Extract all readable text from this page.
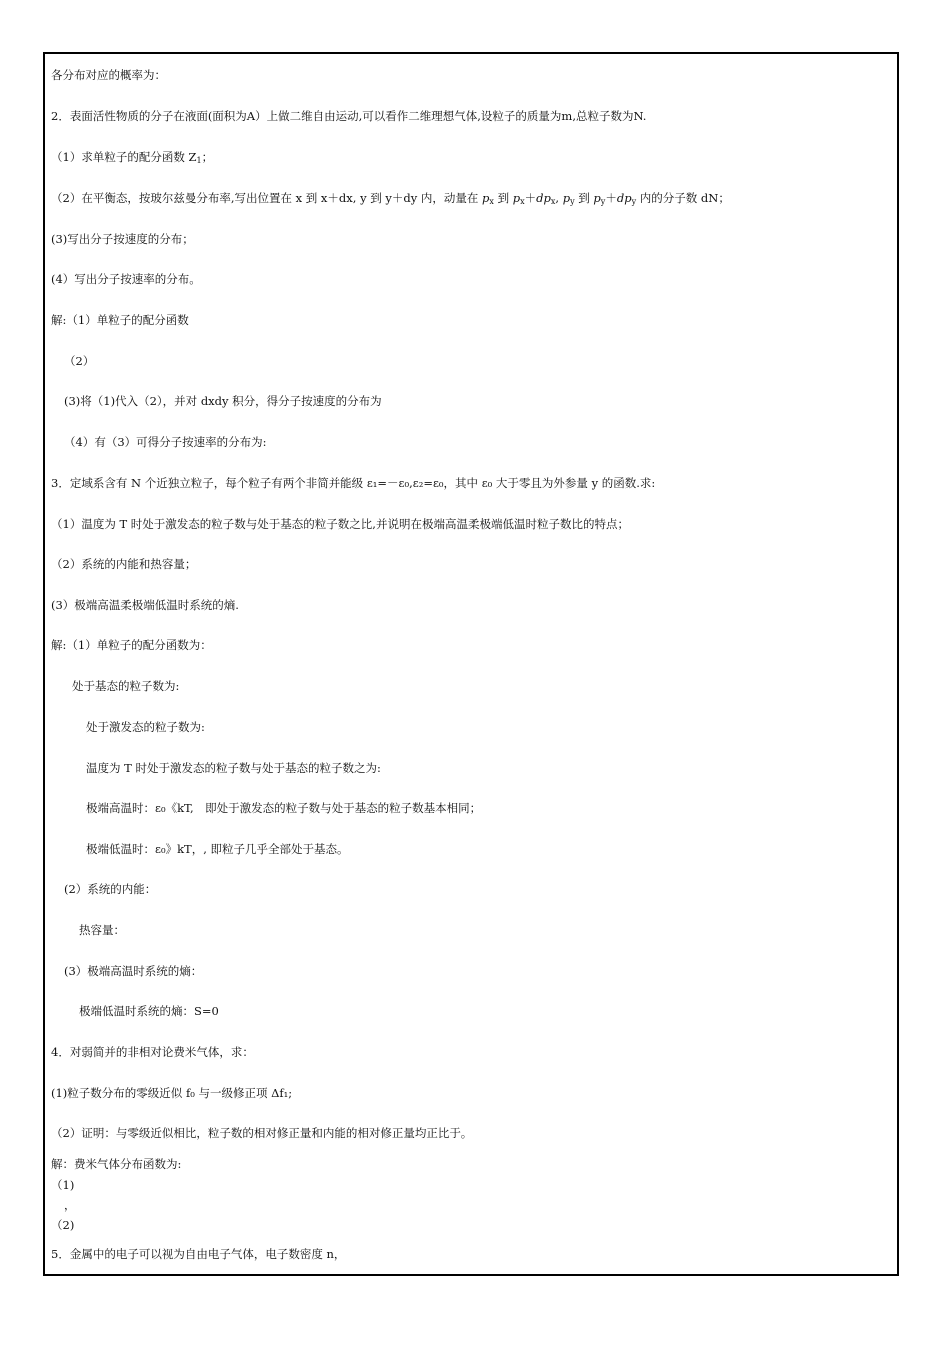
各分布对应的概率为：
2．表面活性物质的分子在液面(面积为A）上做二维自由运动,可以看作二维理想气体,设粒子的质量为m,总粒子数为N.
（1）求单粒子的配分函数 $Z_1$；
（2）在平衡态，按玻尔兹曼分布率,写出位置在 x 到 x＋dx, y 到 y＋dy 内，动量在 $p_x$ 到 $p_x+dp_x$, $p_y$ 到 $p_y+dp_y$ 内的分子数 dN；
(3)写出分子按速度的分布；
(4）写出分子按速率的分布。
解:（1）单粒子的配分函数
（2）
(3)将（1)代入（2），并对 dxdy 积分，得分子按速度的分布为
（4）有（3）可得分子按速率的分布为:
3．定域系含有 N 个近独立粒子，每个粒子有两个非简并能级 ε₁=－ε₀,ε₂=ε₀，其中 ε₀ 大于零且为外参量 y 的函数.求:
（1）温度为 T 时处于激发态的粒子数与处于基态的粒子数之比,并说明在极端高温柔极端低温时粒子数比的特点；
（2）系统的内能和热容量；
(3）极端高温柔极端低温时系统的熵.
解:（1）单粒子的配分函数为：
处于基态的粒子数为:
处于激发态的粒子数为:
温度为 T 时处于激发态的粒子数与处于基态的粒子数之为:
极端高温时：ε₀《kT,　即处于激发态的粒子数与处于基态的粒子数基本相同；
极端低温时：ε₀》kT，, 即粒子几乎全部处于基态。
(2）系统的内能：
热容量：
(3）极端高温时系统的熵：
极端低温时系统的熵：S=0
4．对弱简并的非相对论费米气体，求：
(1)粒子数分布的零级近似 f₀ 与一级修正项 Δf₁;
（2）证明：与零级近似相比，粒子数的相对修正量和内能的相对修正量均正比于。
解：费米气体分布函数为:
（1)
，
（2)
5．金属中的电子可以视为自由电子气体，电子数密度 n，
